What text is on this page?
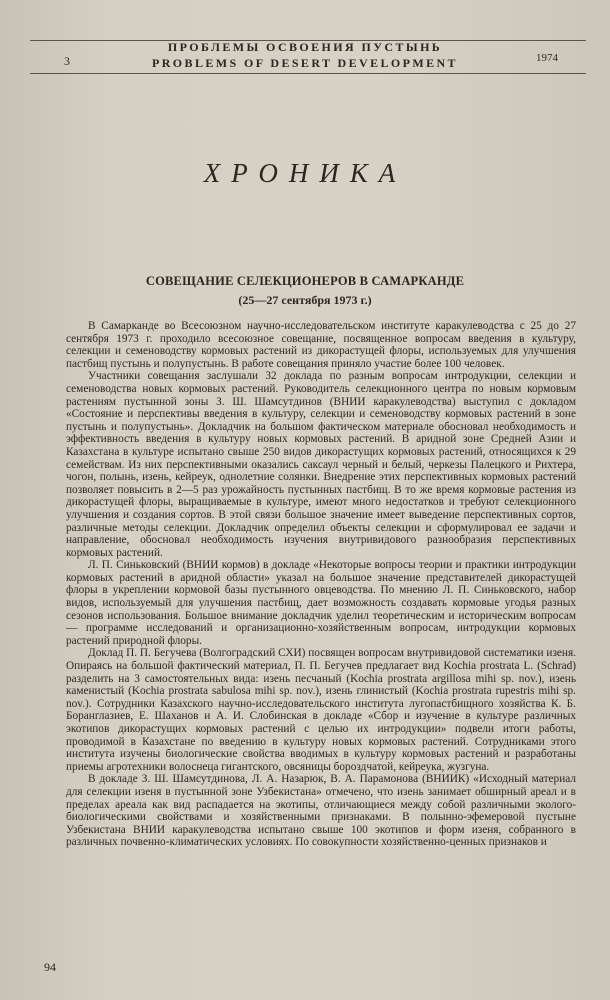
3
ПРОБЛЕМЫ ОСВОЕНИЯ ПУСТЫНЬ
PROBLEMS OF DESERT DEVELOPMENT	1974
ХРОНИКА
СОВЕЩАНИЕ СЕЛЕКЦИОНЕРОВ В САМАРКАНДЕ
(25—27 сентября 1973 г.)

В Самарканде во Всесоюзном научно-исследовательском институте каракулеводства с 25 до 27 сентября 1973 г. проходило всесоюзное совещание, посвященное вопросам введения в культуру, селекции и семеноводству кормовых растений из дикорастущей флоры, используемых для улучшения пастбищ пустынь и полупустынь. В работе совещания приняло участие более 100 человек.

Участники совещания заслушали 32 доклада по разным вопросам интродукции, селекции и семеноводства новых кормовых растений. Руководитель селекционного центра по новым кормовым растениям пустынной зоны З. Ш. Шамсутдинов (ВНИИ каракулеводства) выступил с докладом «Состояние и перспективы введения в культуру, селекции и семеноводству кормовых растений в зоне пустынь и полупустынь». Докладчик на большом фактическом материале обосновал необходимость и эффективность введения в культуру новых кормовых растений. В аридной зоне Средней Азии и Казахстана в культуре испытано свыше 250 видов дикорастущих кормовых растений, относящихся к 29 семействам. Из них перспективными оказались саксаул черный и белый, черкезы Палецкого и Рихтера, чогон, полынь, изень, кейреук, однолетние солянки. Внедрение этих перспективных кормовых растений позволяет повысить в 2—5 раз урожайность пустынных пастбищ. В то же время кормовые растения из дикорастущей флоры, выращиваемые в культуре, имеют много недостатков и требуют селекционного улучшения и создания сортов. В этой связи большое значение имеет выведение перспективных сортов, различные методы селекции. Докладчик определил объекты селекции и сформулировал ее задачи и направление, обосновал необходимость изучения внутривидового разнообразия перспективных кормовых растений.

Л. П. Синьковский (ВНИИ кормов) в докладе «Некоторые вопросы теории и практики интродукции кормовых растений в аридной области» указал на большое значение представителей дикорастущей флоры в укреплении кормовой базы пустынного овцеводства. По мнению Л. П. Синьковского, набор видов, используемый для улучшения пастбищ, дает возможность создавать кормовые угодья разных сезонов использования. Большое внимание докладчик уделил теоретическим и историческим вопросам — программе исследований и организационно-хозяйственным вопросам, интродукции кормовых растений природной флоры.

Доклад П. П. Бегучева (Волгоградский СХИ) посвящен вопросам внутривидовой систематики изеня. Опираясь на большой фактический материал, П. П. Бегучев предлагает вид Kochia prostrata L. (Schrad) разделить на 3 самостоятельных вида: изень песчаный (Kochia prostrata argillosa mihi sp. nov.), изень каменистый (Kochia prostrata sabulosa mihi sp. nov.), изень глинистый (Kochia prostrata rupestris mihi sp. nov.). Сотрудники Казахского научно-исследовательского института лугопастбищного хозяйства К. Б. Боранглазиев, Е. Шаханов и А. И. Слобинская в докладе «Сбор и изучение в культуре различных экотипов дикорастущих кормовых растений с целью их интродукции» подвели итоги работы, проводимой в Казахстане по введению в культуру новых кормовых растений. Сотрудниками этого института изучены биологические свойства вводимых в культуру кормовых растений и разработаны приемы агротехники волоснеца гигантского, овсяницы бороздчатой, кейреука, жузгуна.

В докладе З. Ш. Шамсутдинова, Л. А. Назарюк, В. А. Парамонова (ВНИИК) «Исходный материал для селекции изеня в пустынной зоне Узбекистана» отмечено, что изень занимает обширный ареал и в пределах ареала как вид распадается на экотипы, отличающиеся между собой различными эколого-биологическими свойствами и хозяйственными признаками. В полынно-эфемеровой пустыне Узбекистана ВНИИ каракулеводства испытано свыше 100 экотипов и форм изеня, собранного в различных почвенно-климатических условиях. По совокупности хозяйственно-ценных признаков и

94
